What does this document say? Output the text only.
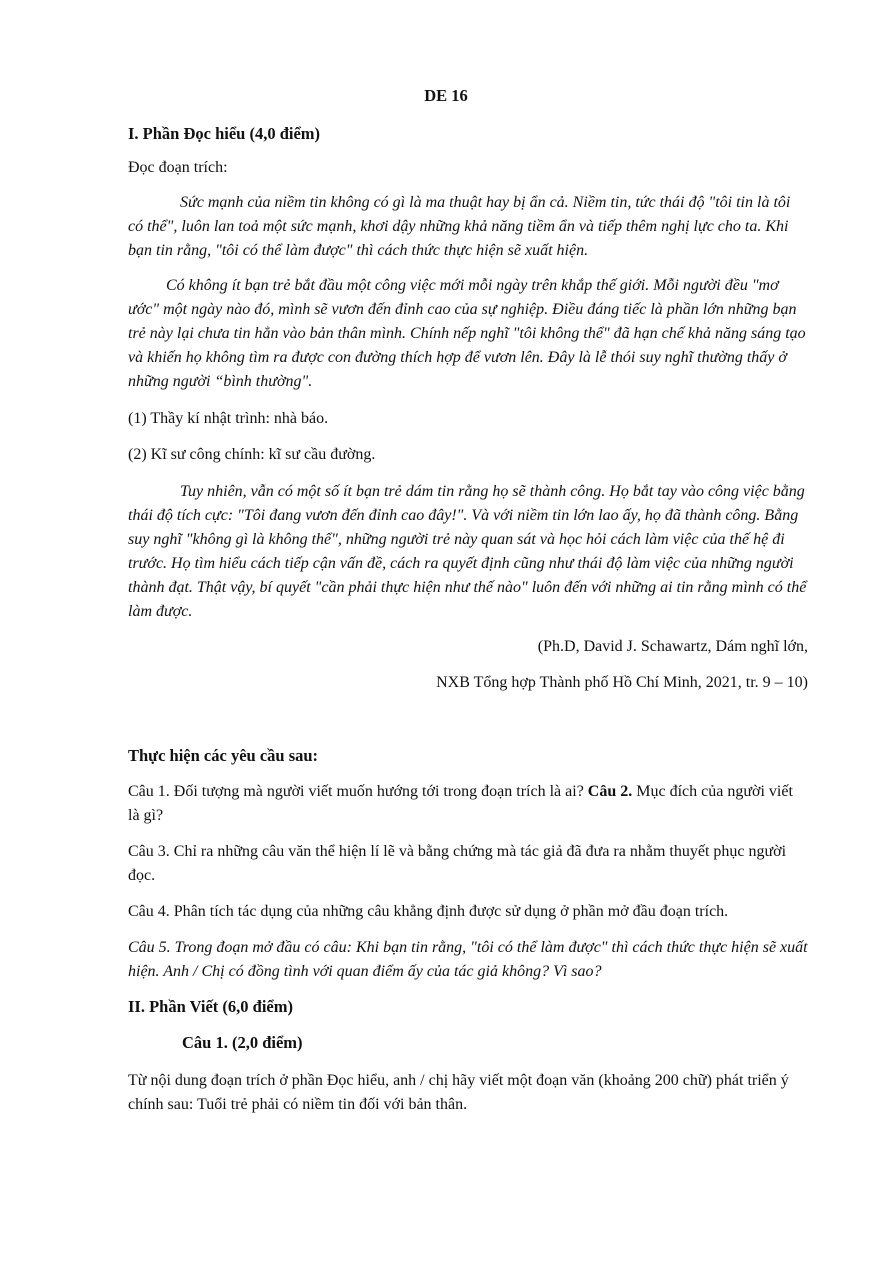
DE 16
I. Phần Đọc hiểu (4,0 điểm)
Đọc đoạn trích:
Sức mạnh của niềm tin không có gì là ma thuật hay bị ẩn cả. Niềm tin, tức thái độ "tôi tin là tôi có thể", luôn lan toả một sức mạnh, khơi dậy những khả năng tiềm ẩn và tiếp thêm nghị lực cho ta. Khi bạn tin rằng, "tôi có thể làm được" thì cách thức thực hiện sẽ xuất hiện.
Có không ít bạn trẻ bắt đầu một công việc mới mỗi ngày trên khắp thế giới. Mỗi người đều "mơ ước" một ngày nào đó, mình sẽ vươn đến đỉnh cao của sự nghiệp. Điều đáng tiếc là phần lớn những bạn trẻ này lại chưa tin hẳn vào bản thân mình. Chính nếp nghĩ "tôi không thể" đã hạn chế khả năng sáng tạo và khiến họ không tìm ra được con đường thích hợp để vươn lên. Đây là lễ thói suy nghĩ thường thấy ở những người “bình thường".
(1) Thầy kí nhật trình: nhà báo.
(2) Kĩ sư công chính: kĩ sư cầu đường.
Tuy nhiên, vẫn có một số ít bạn trẻ dám tin rằng họ sẽ thành công. Họ bắt tay vào công việc bằng thái độ tích cực: "Tôi đang vươn đến đỉnh cao đây!". Và với niềm tin lớn lao ấy, họ đã thành công. Bằng suy nghĩ "không gì là không thể", những người trẻ này quan sát và học hỏi cách làm việc của thế hệ đi trước. Họ tìm hiểu cách tiếp cận vấn đề, cách ra quyết định cũng như thái độ làm việc của những người thành đạt. Thật vậy, bí quyết "cần phải thực hiện như thế nào" luôn đến với những ai tin rằng mình có thể làm được.
(Ph.D, David J. Schawartz, Dám nghĩ lớn,
NXB Tổng hợp Thành phố Hồ Chí Minh, 2021, tr. 9 – 10)
Thực hiện các yêu cầu sau:
Câu 1. Đối tượng mà người viết muốn hướng tới trong đoạn trích là ai? Câu 2. Mục đích của người viết là gì?
Câu 3. Chỉ ra những câu văn thể hiện lí lẽ và bằng chứng mà tác giả đã đưa ra nhằm thuyết phục người đọc.
Câu 4. Phân tích tác dụng của những câu khẳng định được sử dụng ở phần mở đầu đoạn trích.
Câu 5. Trong đoạn mở đầu có câu: Khi bạn tin rằng, "tôi có thể làm được" thì cách thức thực hiện sẽ xuất hiện. Anh / Chị có đồng tình với quan điểm ấy của tác giả không? Vì sao?
II. Phần Viết (6,0 điểm)
Câu 1. (2,0 điểm)
Từ nội dung đoạn trích ở phần Đọc hiểu, anh / chị hãy viết một đoạn văn (khoảng 200 chữ) phát triển ý chính sau: Tuổi trẻ phải có niềm tin đối với bản thân.
